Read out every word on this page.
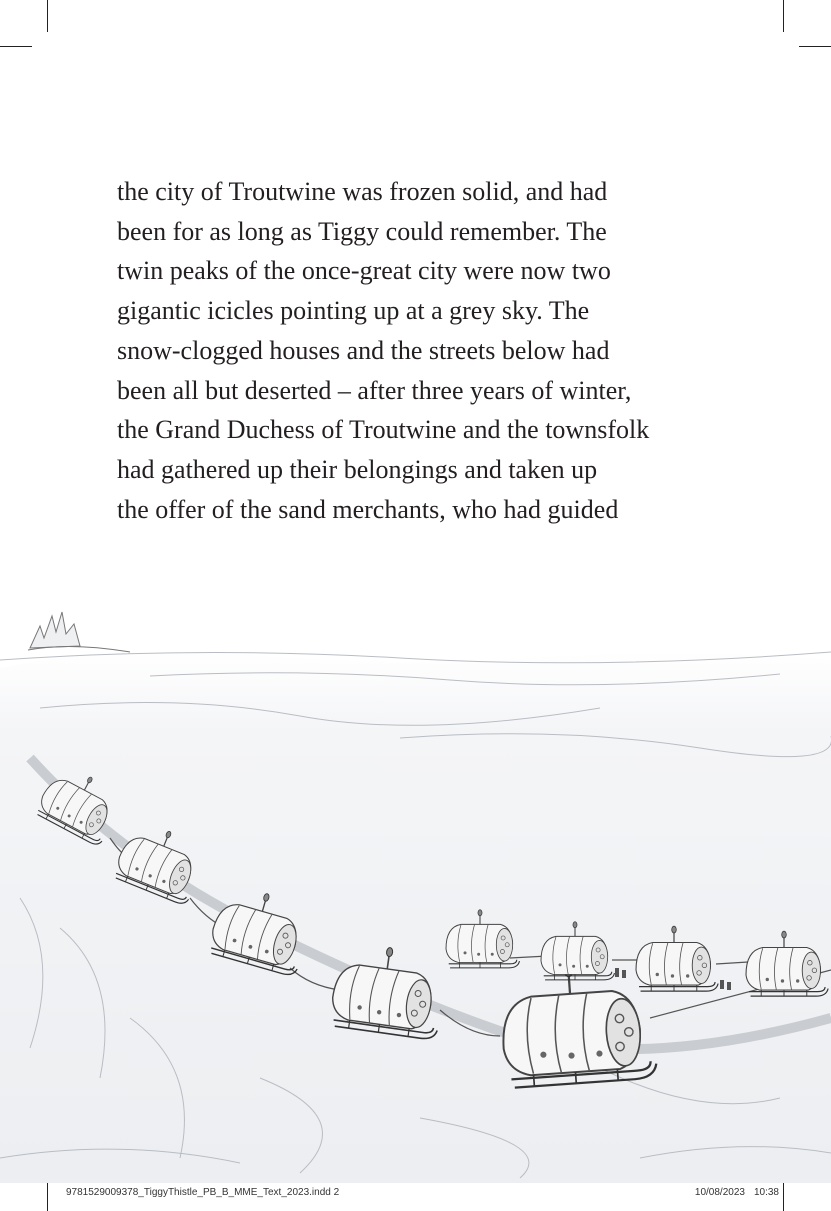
the city of Troutwine was frozen solid, and had
been for as long as Tiggy could remember. The
twin peaks of the once-great city were now two
gigantic icicles pointing up at a grey sky. The
snow-clogged houses and the streets below had
been all but deserted – after three years of winter,
the Grand Duchess of Troutwine and the townsfolk
had gathered up their belongings and taken up
the offer of the sand merchants, who had guided

9781529009378_TiggyThistle_PB_B_MME_Text_2023.indd 2	10/08/2023 10:38
